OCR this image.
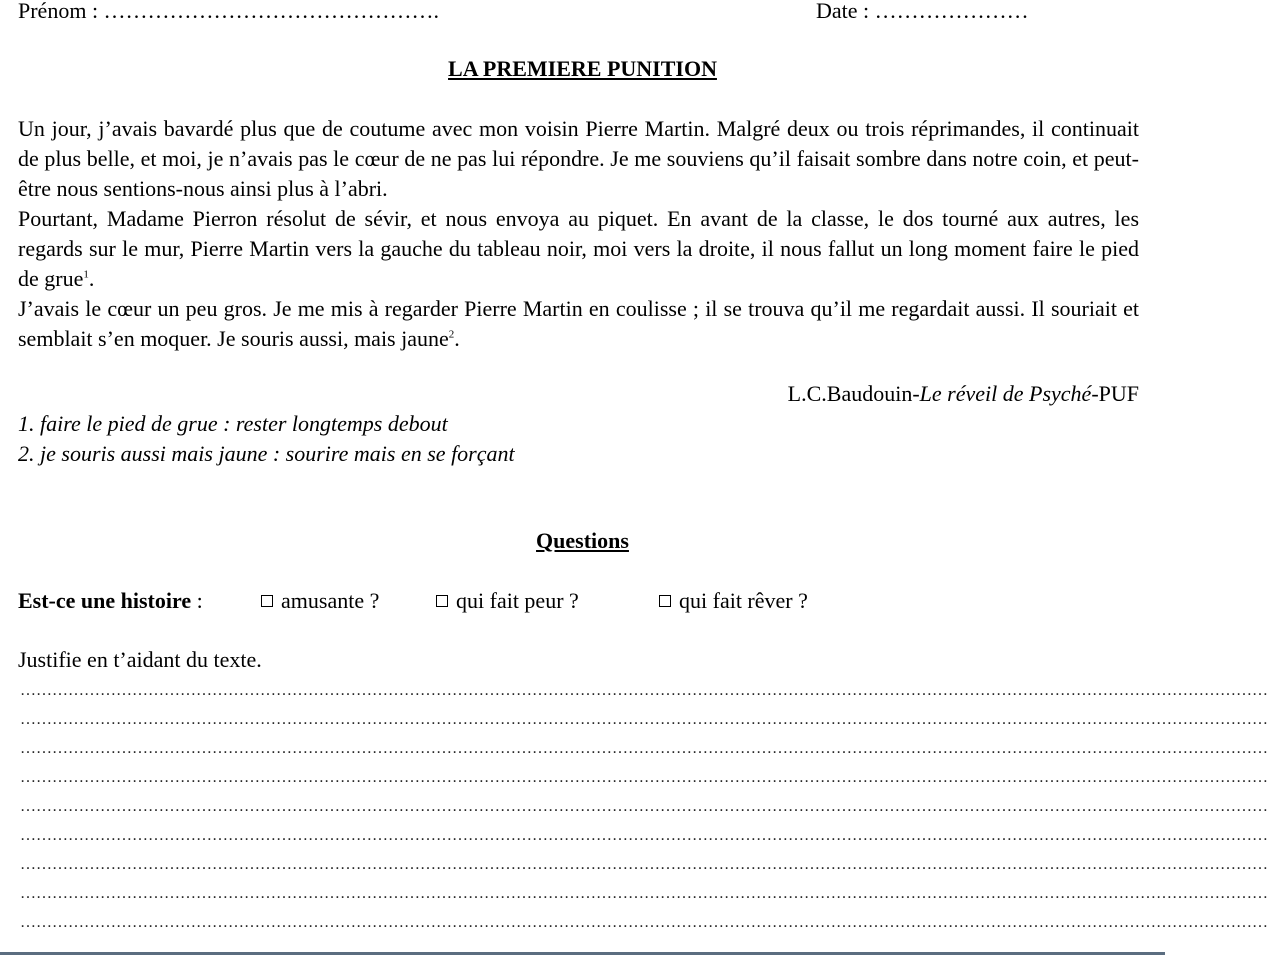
Prénom : ……………………………………….	Date : …………………
LA PREMIERE PUNITION

Un jour, j’avais bavardé plus que de coutume avec mon voisin Pierre Martin. Malgré deux ou trois réprimandes, il continuait de plus belle, et moi, je n’avais pas le cœur de ne pas lui répondre. Je me souviens qu’il faisait sombre dans notre coin, et peut-être nous sentions-nous ainsi plus à l’abri.

Pourtant, Madame Pierron résolut de sévir, et nous envoya au piquet. En avant de la classe, le dos tourné aux autres, les regards sur le mur, Pierre Martin vers la gauche du tableau noir, moi vers la droite, il nous fallut un long moment faire le pied de grue$^1$.

J’avais le cœur un peu gros. Je me mis à regarder Pierre Martin en coulisse ; il se trouva qu’il me regardait aussi. Il souriait et semblait s’en moquer. Je souris aussi, mais jaune$^2$.

L.C.Baudouin-Le réveil de Psyché-PUF
1. faire le pied de grue : rester longtemps debout
2. je souris aussi mais jaune : sourire mais en se forçant
Questions
Est-ce une histoire :	amusante ?	qui fait peur ?	qui fait rêver ?
Justifie en t’aidant du texte.
………………………………………………………………………………………………………………………………………………………………………………………………………………
………………………………………………………………………………………………………………………………………………………………………………………………………………
………………………………………………………………………………………………………………………………………………………………………………………………………………
………………………………………………………………………………………………………………………………………………………………………………………………………………
………………………………………………………………………………………………………………………………………………………………………………………………………………
………………………………………………………………………………………………………………………………………………………………………………………………………………
………………………………………………………………………………………………………………………………………………………………………………………………………………
………………………………………………………………………………………………………………………………………………………………………………………………………………
………………………………………………………………………………………………………………………………………………………………………………………………………………
